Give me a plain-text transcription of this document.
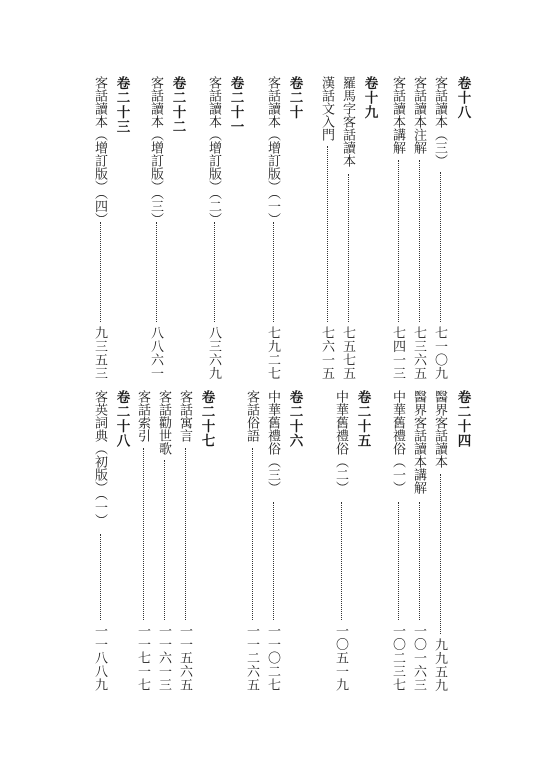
卷十八
客話讀本（三）
七一〇九
客話讀本注解
七三六五
客話讀本講解
七四一三
卷十九
羅馬字客話讀本
七五七五
漢話文入門
七六一五
卷二十
客話讀本（增訂版）（一）
七九二七
卷二十一
客話讀本（增訂版）（二）
八三六九
卷二十二
客話讀本（增訂版）（三）
八八六一
卷二十三
客話讀本（增訂版）（四）
九三五三
卷二十四
醫界客話讀本
九九五九
醫界客話讀本講解
一〇一六三
中華舊禮俗（一）
一〇二三七
卷二十五
中華舊禮俗（二）
一〇五一九
卷二十六
中華舊禮俗（三）
一一〇二七
客話俗語
一一二六五
卷二十七
客話寓言
一一五六五
客話勸世歌
一一六一三
客話索引
一一七一七
卷二十八
客英詞典（初版）（一）
一一八八九
